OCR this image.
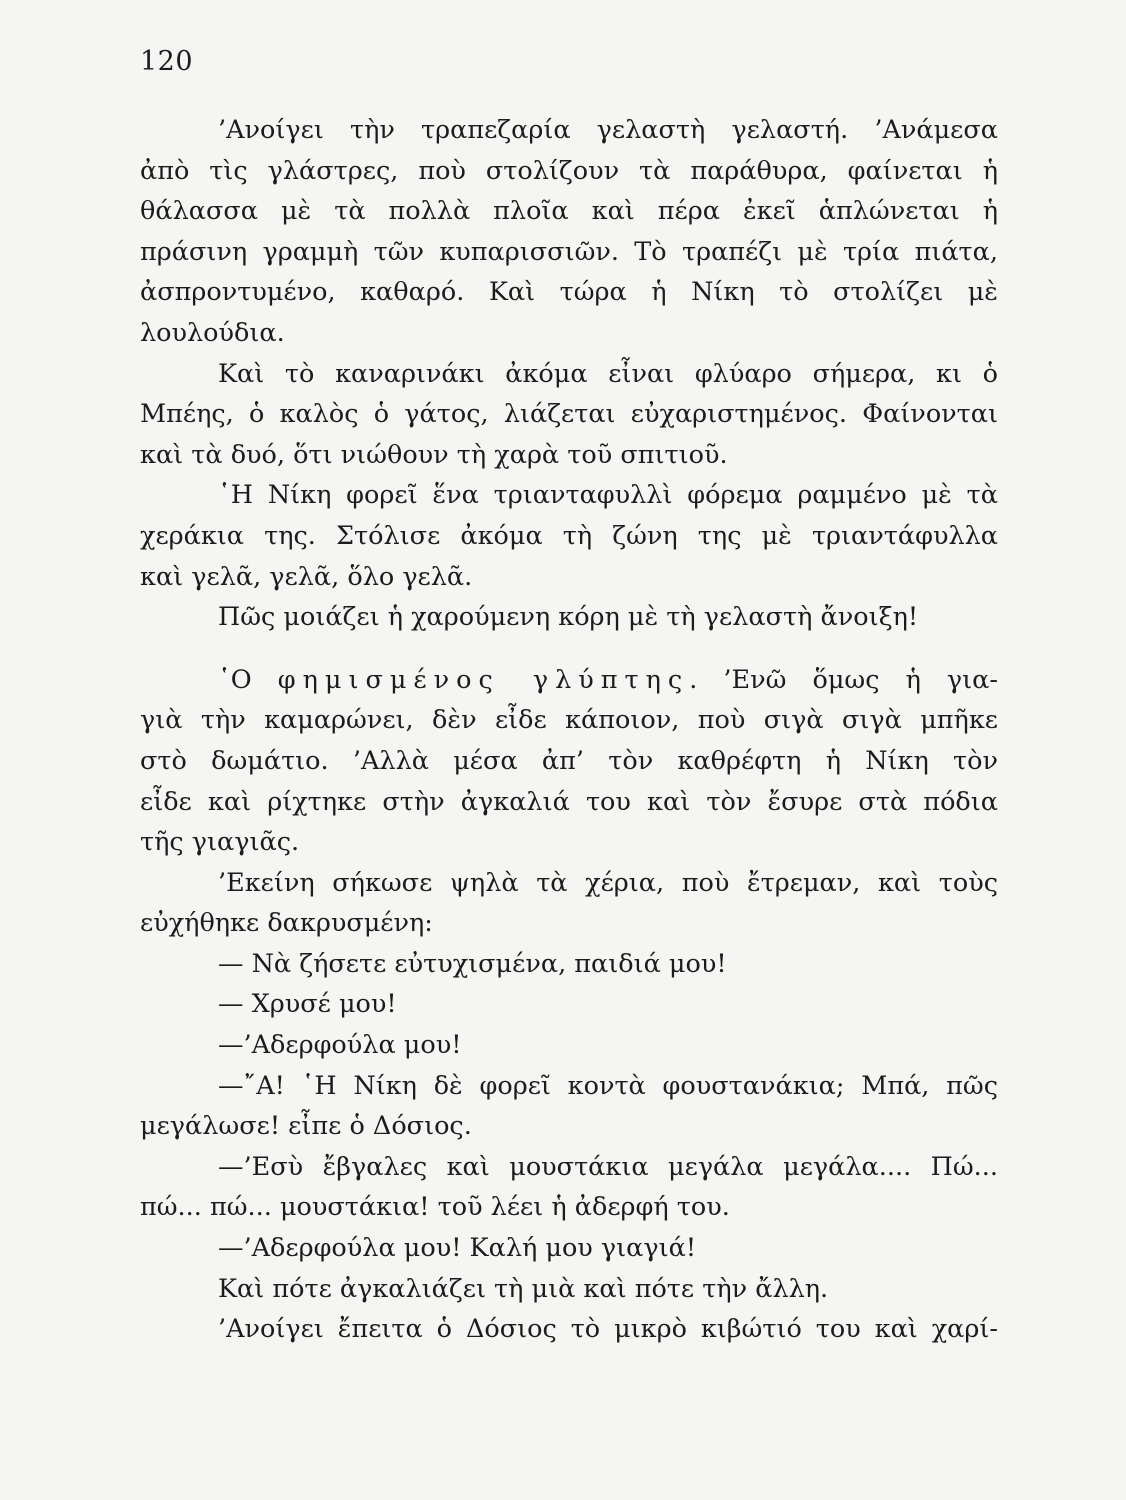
120
’Ανοίγει τὴν τραπεζαρία γελαστὴ γελαστή. ’Ανάμεσα
ἀπὸ τὶς γλάστρες, ποὺ στολίζουν τὰ παράθυρα, φαίνεται ἡ
θάλασσα μὲ τὰ πολλὰ πλοῖα καὶ πέρα ἐκεῖ ἁπλώνεται ἡ
πράσινη γραμμὴ τῶν κυπαρισσιῶν. Τὸ τραπέζι μὲ τρία πιάτα,
ἀσπροντυμένο, καθαρό. Καὶ τώρα ἡ Νίκη τὸ στολίζει μὲ
λουλούδια.
Καὶ τὸ καναρινάκι ἀκόμα εἶναι φλύαρο σήμερα, κι ὁ
Μπέης, ὁ καλὸς ὁ γάτος, λιάζεται εὐχαριστημένος. Φαίνονται
καὶ τὰ δυό, ὅτι νιώθουν τὴ χαρὰ τοῦ σπιτιοῦ.
῾Η Νίκη φορεῖ ἕνα τριανταφυλλὶ φόρεμα ραμμένο μὲ τὰ
χεράκια της. Στόλισε ἀκόμα τὴ ζώνη της μὲ τριαντάφυλλα
καὶ γελᾶ, γελᾶ, ὅλο γελᾶ.
Πῶς μοιάζει ἡ χαρούμενη κόρη μὲ τὴ γελαστὴ ἄνοιξη!
῾Ο φημισμένος γλύπτης. ’Ενῶ ὅμως ἡ για-
γιὰ τὴν καμαρώνει, δὲν εἶδε κάποιον, ποὺ σιγὰ σιγὰ μπῆκε
στὸ δωμάτιο. ’Αλλὰ μέσα ἀπ’ τὸν καθρέφτη ἡ Νίκη τὸν
εἶδε καὶ ρίχτηκε στὴν ἀγκαλιά του καὶ τὸν ἔσυρε στὰ πόδια
τῆς γιαγιᾶς.
’Εκείνη σήκωσε ψηλὰ τὰ χέρια, ποὺ ἔτρεμαν, καὶ τοὺς
εὐχήθηκε δακρυσμένη:
— Νὰ ζήσετε εὐτυχισμένα, παιδιά μου!
— Χρυσέ μου!
—’Αδερφούλα μου!
—῎Α! ῾Η Νίκη δὲ φορεῖ κοντὰ φουστανάκια; Μπά, πῶς
μεγάλωσε! εἶπε ὁ Δόσιος.
—’Εσὺ ἔβγαλες καὶ μουστάκια μεγάλα μεγάλα.... Πώ...
πώ... πώ... μουστάκια! τοῦ λέει ἡ ἀδερφή του.
—’Αδερφούλα μου! Καλή μου γιαγιά!
Καὶ πότε ἀγκαλιάζει τὴ μιὰ καὶ πότε τὴν ἄλλη.
’Ανοίγει ἔπειτα ὁ Δόσιος τὸ μικρὸ κιβώτιό του καὶ χαρί-
